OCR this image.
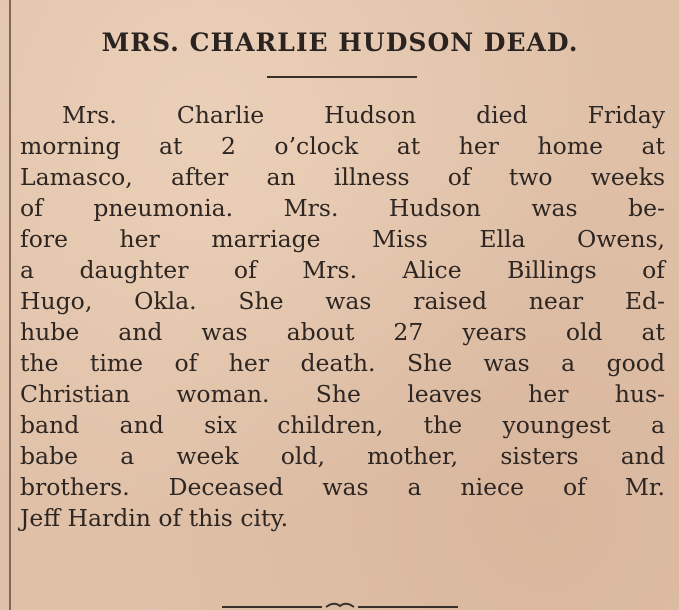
MRS. CHARLIE HUDSON DEAD.
Mrs. Charlie Hudson died Friday
morning at 2 o’clock at her home at
Lamasco, after an illness of two weeks
of pneumonia. Mrs. Hudson was be-
fore her marriage Miss Ella Owens,
a daughter of Mrs. Alice Billings of
Hugo, Okla. She was raised near Ed-
hube and was about 27 years old at
the time of her death. She was a good
Christian woman. She leaves her hus-
band and six children, the youngest a
babe a week old, mother, sisters and
brothers. Deceased was a niece of Mr.
Jeff Hardin of this city.
